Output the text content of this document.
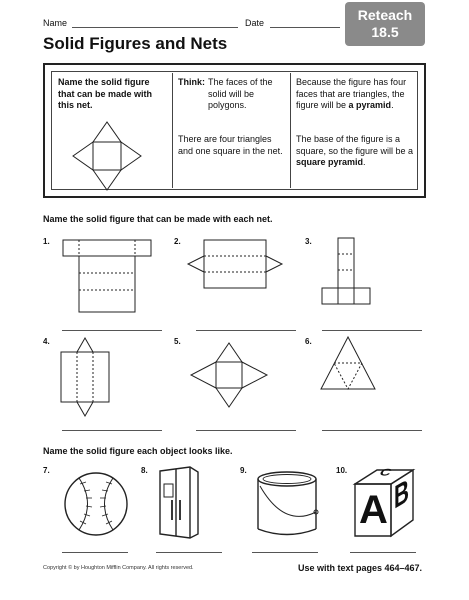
Name	Date	Reteach
18.5
Solid Figures and Nets
Name the solid figure that can be made with this net.
Think: The faces of the solid will be polygons.
There are four triangles and one square in the net.
Because the figure has four faces that are triangles, the figure will be a pyramid.
The base of the figure is a square, so the figure will be a square pyramid.
Name the solid figure that can be made with each net.
1.	2.	3.
4.	5.	6.
Name the solid figure each object looks like.
7.	8.	9.	10. C
A B
Copyright © by Houghton Mifflin Company. All rights reserved.	Use with text pages 464–467.
